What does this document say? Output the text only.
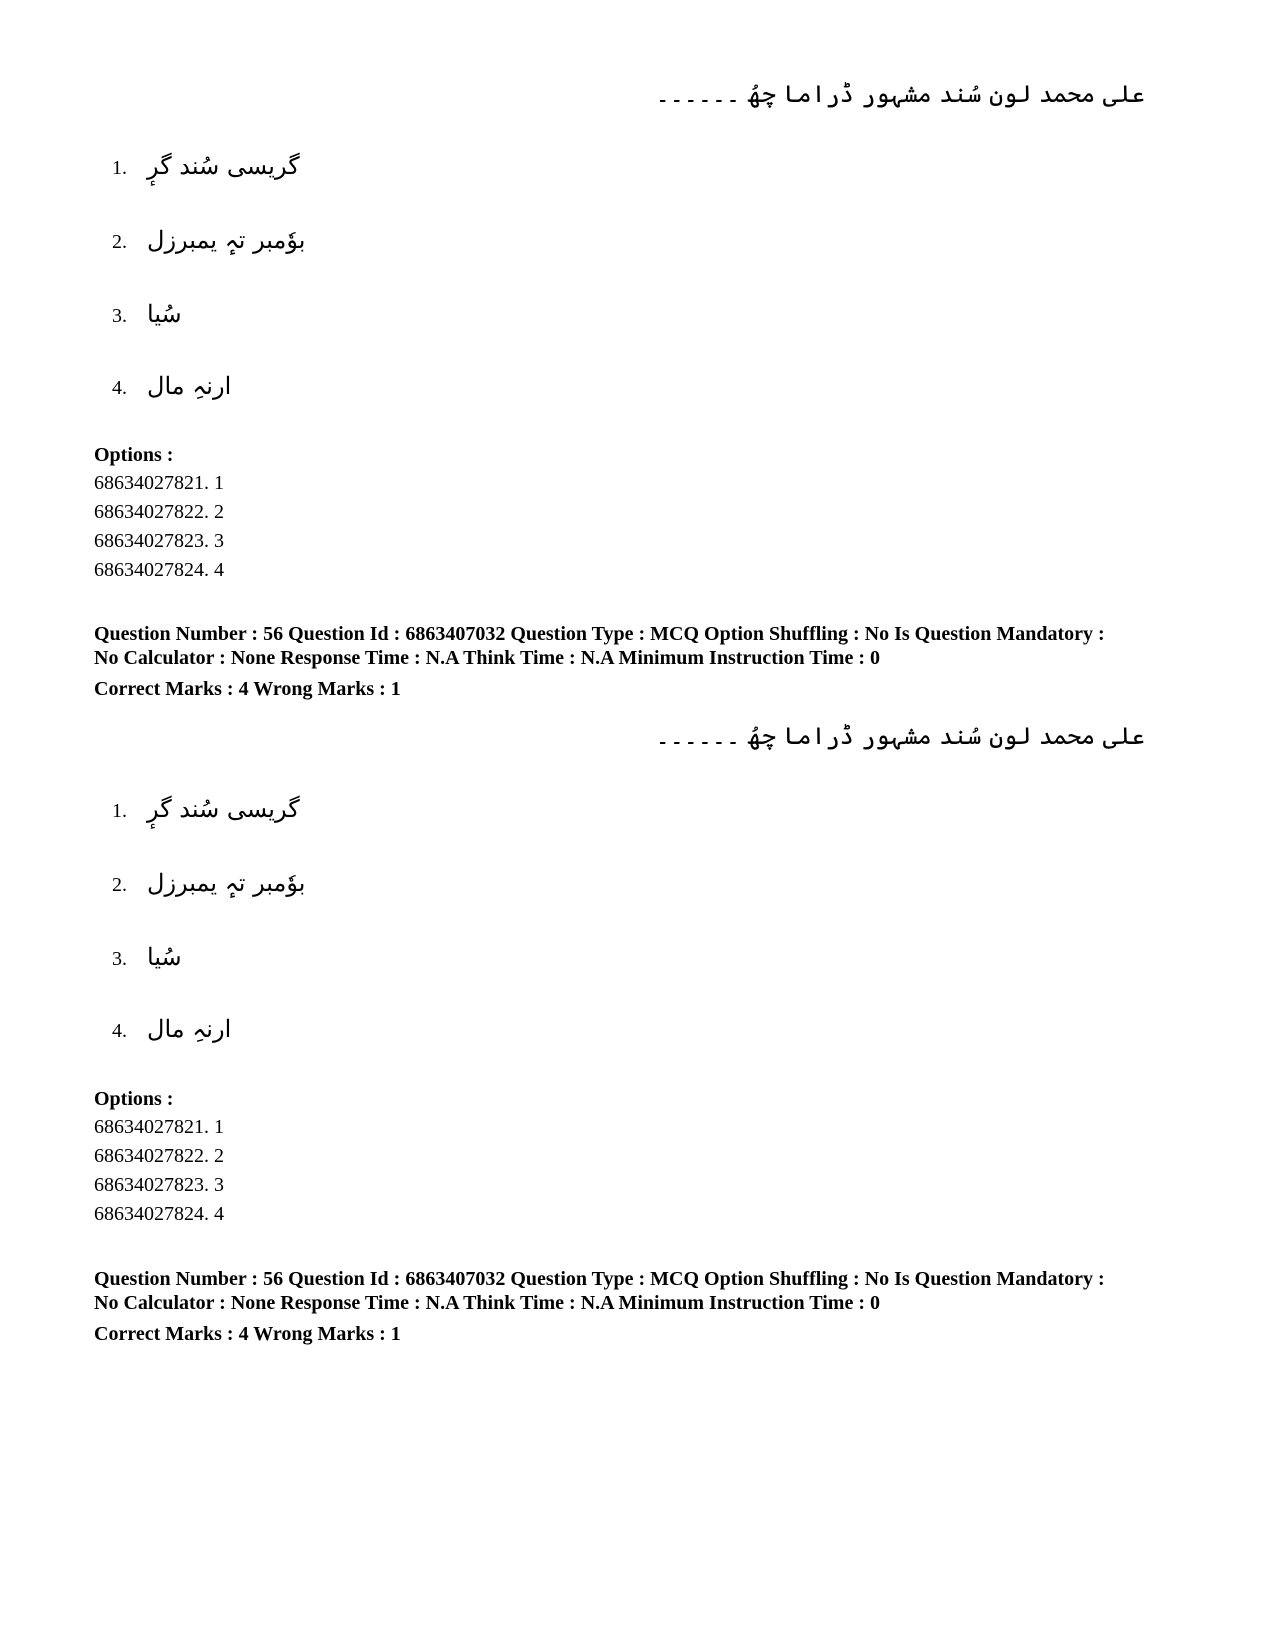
علی محمد لون سُند مشہور ڈراما چھُ ۔۔۔۔۔۔
1. گریسی سُند گرٕ
2. بوٗمبر تہٕ یمبرزل
3. سُیا
4. ارنہِ مال
Options :
68634027821. 1
68634027822. 2
68634027823. 3
68634027824. 4
Question Number : 56 Question Id : 6863407032 Question Type : MCQ Option Shuffling : No Is Question Mandatory :
No Calculator : None Response Time : N.A Think Time : N.A Minimum Instruction Time : 0
Correct Marks : 4 Wrong Marks : 1
علی محمد لون سُند مشہور ڈراما چھُ ۔۔۔۔۔۔
1. گریسی سُند گرٕ
2. بوٗمبر تہٕ یمبرزل
3. سُیا
4. ارنہِ مال
Options :
68634027821. 1
68634027822. 2
68634027823. 3
68634027824. 4
Question Number : 56 Question Id : 6863407032 Question Type : MCQ Option Shuffling : No Is Question Mandatory :
No Calculator : None Response Time : N.A Think Time : N.A Minimum Instruction Time : 0
Correct Marks : 4 Wrong Marks : 1
